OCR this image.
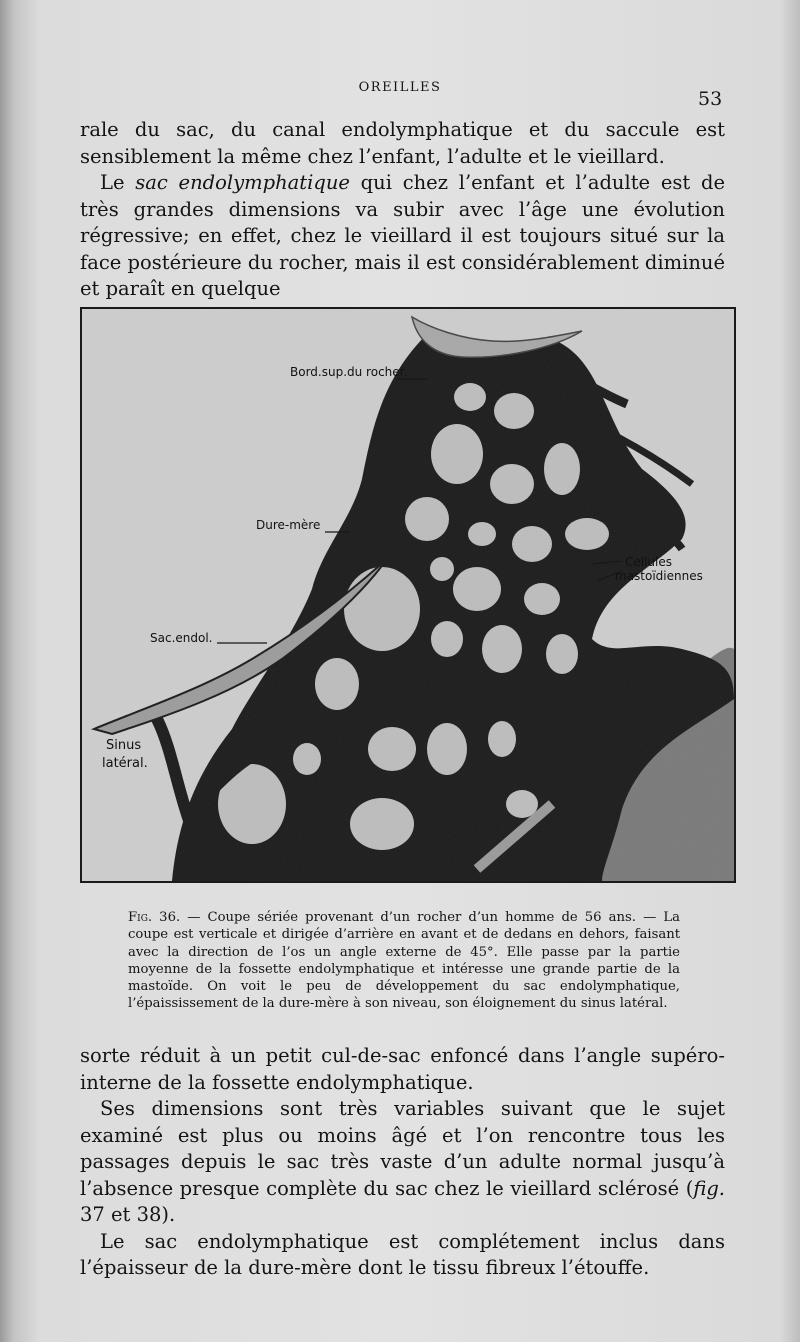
OREILLES
53

rale du sac, du canal endolymphatique et du saccule est sensiblement la même chez l’enfant, l’adulte et le vieillard.

Le sac endolymphatique qui chez l’enfant et l’adulte est de très grandes dimensions va subir avec l’âge une évolution régressive; en effet, chez le vieillard il est toujours situé sur la face postérieure du rocher, mais il est considérablement diminué et paraît en quelque

Bord.sup.du rocher.
Dure-mère
Cellules
mastoïdiennes
Sac.endol.
Sinus
latéral.

Fig. 36. — Coupe sériée provenant d’un rocher d’un homme de 56 ans. — La coupe est verticale et dirigée d’arrière en avant et de dedans en dehors, faisant avec la direction de l’os un angle externe de 45°. Elle passe par la partie moyenne de la fossette endolymphatique et intéresse une grande partie de la mastoïde. On voit le peu de développement du sac endolymphatique, l’épaississement de la dure-mère à son niveau, son éloignement du sinus latéral.

sorte réduit à un petit cul-de-sac enfoncé dans l’angle supéro-interne de la fossette endolymphatique.

Ses dimensions sont très variables suivant que le sujet examiné est plus ou moins âgé et l’on rencontre tous les passages depuis le sac très vaste d’un adulte normal jusqu’à l’absence presque complète du sac chez le vieillard sclérosé (fig. 37 et 38).

Le sac endolymphatique est complétement inclus dans l’épaisseur de la dure-mère dont le tissu fibreux l’étouffe.
